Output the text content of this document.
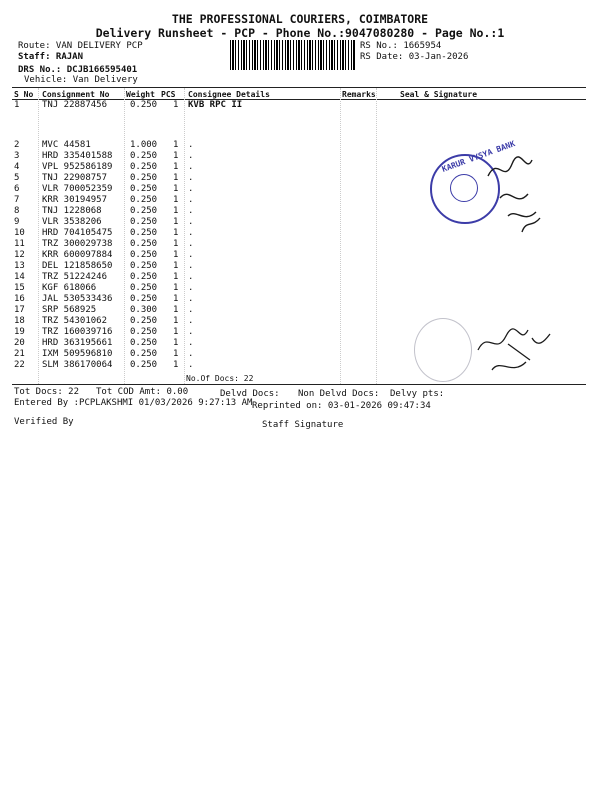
THE PROFESSIONAL COURIERS, COIMBATORE
Delivery Runsheet - PCP - Phone No.:9047080280 - Page No.:1
Route: VAN DELIVERY PCP
Staff: RAJAN
DRS No.: DCJB166595401
Vehicle: Van Delivery
RS No.: 1665954
RS Date: 03-Jan-2026
S No Consignment No Weight PCS Consignee Details	Remarks	Seal & Signature
1	TNJ 22887456	0.250 1 KVB RPC II
2	MVC 44581	1.000 1 .
3	HRD 335401588 0.250 1 .
4	VPL 952586189 0.250 1 .
5	TNJ 22908757	0.250 1 .
6	VLR 700052359 0.250 1 .
7	KRR 30194957	0.250 1 .
8	TNJ 1228068	0.250 1 .
9	VLR 3538206	0.250 1 .
10 HRD 704105475 0.250 1 .
11 TRZ 300029738 0.250 1 .
12 KRR 600097884 0.250 1 .
13 DEL 121858650 0.250 1 .
14 TRZ 51224246	0.250 1 .
15 KGF 618066	0.250 1 .
16 JAL 530533436 0.250 1 .
17 SRP 568925	0.300 1 .
18 TRZ 54301062	0.250 1 .
19 TRZ 160039716 0.250 1 .
20 HRD 363195661 0.250 1 .
21 IXM 509596810 0.250 1 .
22 SLM 386170064 0.250 1 .
No.Of Docs: 22
Tot Docs: 22 Tot COD Amt: 0.00	Delvd Docs: Non Delvd Docs: Delvy pts:
Entered By :PCPLAKSHMI 01/03/2026 9:27:13 AM Reprinted on: 03-01-2026 09:47:34
Verified By	Staff Signature
KARUR VYSYA BANK
